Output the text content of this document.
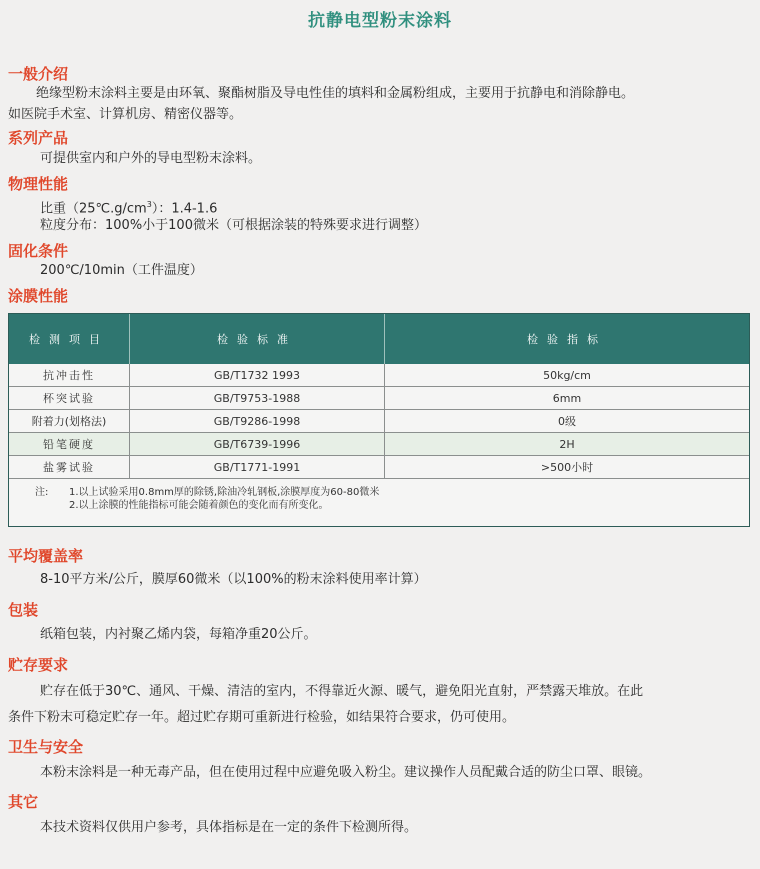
抗静电型粉末涂料
一般介绍
绝缘型粉末涂料主要是由环氧、聚酯树脂及导电性佳的填料和金属粉组成，主要用于抗静电和消除静电。
如医院手术室、计算机房、精密仪器等。
系列产品
可提供室内和户外的导电型粉末涂料。
物理性能
比重$(25℃.g/cm^3)$：1.4-1.6
粒度分布：100%小于100微米（可根据涂装的特殊要求进行调整）
固化条件
200℃/10min（工件温度）
涂膜性能
检测项目	检验标准	检验指标
抗冲击性	GB/T1732 1993	50kg/cm
杯突试验	GB/T9753-1988	6mm
附着力(划格法)	GB/T9286-1998	0级
铅笔硬度	GB/T6739-1996	2H
盐雾试验	GB/T1771-1991	>500小时
注: 1.以上试验采用0.8mm厚的除锈,除油冷轧钢板,涂膜厚度为60-80微米
2.以上涂膜的性能指标可能会随着颜色的变化而有所变化。
平均覆盖率
8-10平方米/公斤，膜厚60微米（以100%的粉末涂料使用率计算）
包装
纸箱包装，内衬聚乙烯内袋，每箱净重20公斤。
贮存要求
贮存在低于30℃、通风、干燥、清洁的室内，不得靠近火源、暖气，避免阳光直射，严禁露天堆放。在此
条件下粉末可稳定贮存一年。超过贮存期可重新进行检验，如结果符合要求，仍可使用。
卫生与安全
本粉末涂料是一种无毒产品，但在使用过程中应避免吸入粉尘。建议操作人员配戴合适的防尘口罩、眼镜。
其它
本技术资料仅供用户参考，具体指标是在一定的条件下检测所得。
